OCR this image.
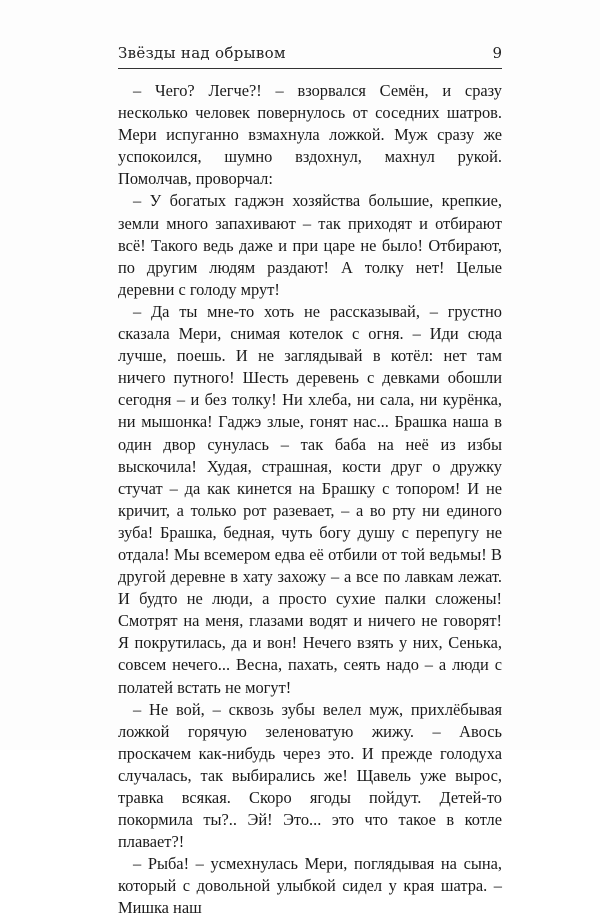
Звёзды над обрывом	9

– Чего? Легче?! – взорвался Семён, и сразу несколько человек повернулось от соседних шатров. Мери испуганно взмахнула ложкой. Муж сразу же успокоился, шумно вздохнул, махнул рукой. Помолчав, проворчал:

– У богатых гаджэн хозяйства большие, крепкие, земли много запахивают – так приходят и отбирают всё! Такого ведь даже и при царе не было! Отбирают, по другим людям раздают! А толку нет! Целые деревни с голоду мрут!

– Да ты мне-то хоть не рассказывай, – грустно сказала Мери, снимая котелок с огня. – Иди сюда лучше, поешь. И не заглядывай в котёл: нет там ничего путного! Шесть деревень с девками обошли сегодня – и без толку! Ни хлеба, ни сала, ни курёнка, ни мышонка! Гаджэ злые, гонят нас... Брашка наша в один двор сунулась – так баба на неё из избы выскочила! Худая, страшная, кости друг о дружку стучат – да как кинется на Брашку с топором! И не кричит, а только рот разевает, – а во рту ни единого зуба! Брашка, бедная, чуть богу душу с перепугу не отдала! Мы всемером едва её отбили от той ведьмы! В другой деревне в хату захожу – а все по лавкам лежат. И будто не люди, а просто сухие палки сложены! Смотрят на меня, глазами водят и ничего не говорят! Я покрутилась, да и вон! Нечего взять у них, Сенька, совсем нечего... Весна, пахать, сеять надо – а люди с полатей встать не могут!

– Не вой, – сквозь зубы велел муж, прихлёбывая ложкой горячую зеленоватую жижу. – Авось проскачем как-нибудь через это. И прежде голодуха случалась, так выбирались же! Щавель уже вырос, травка всякая. Скоро ягоды пойдут. Детей-то покормила ты?.. Эй! Это... это что такое в котле плавает?!

– Рыба! – усмехнулась Мери, поглядывая на сына, который с довольной улыбкой сидел у края шатра. – Мишка наш
